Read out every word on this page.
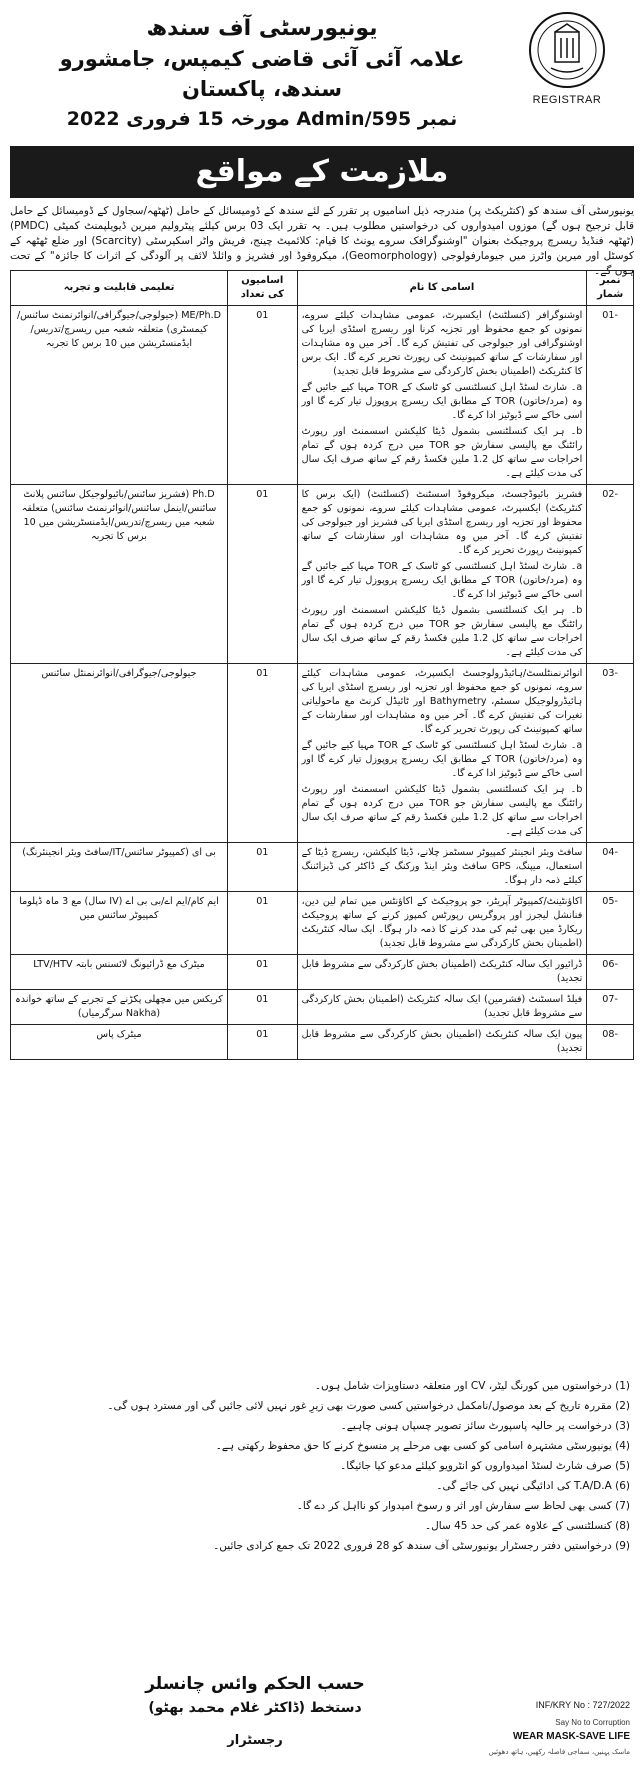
یونیورسٹی آف سندھ
علامہ آئی آئی قاضی کیمپس، جامشورو سندھ، پاکستان
نمبر Admin/595 مورخہ 15 فروری 2022
REGISTRAR
ملازمت کے مواقع
یونیورسٹی آف سندھ کو (کنٹریکٹ پر) مندرجہ ذیل اسامیوں پر تقرر کے لئے سندھ کے ڈومیسائل کے حامل (ٹھٹھہ/سجاول کے ڈومیسائل کے حامل قابل ترجیح ہوں گے) موزوں امیدواروں کی درخواستیں مطلوب ہیں۔ یہ تقرر ایک 03 برس کیلئے پیٹرولیم میرین ڈیویلپمنٹ کمیٹی (PMDC) (ٹھٹھہ فنڈیڈ ریسرچ پروجیکٹ بعنوان "اوشنوگرافک سروے یونٹ کا قیام: کلائمیٹ چینج، فریش واٹر اسکیرسٹی (Scarcity) اور ضلع ٹھٹھہ کے کوسٹل اور میرین واٹرز میں جیومارفولوجی (Geomorphology)، میکروفوڈ اور فشریز و وائلڈ لائف پر آلودگی کے اثرات کا جائزہ" کے تحت ہوں گے۔
نمبر شمار	اسامی کا نام	اسامیوں کی تعداد	تعلیمی قابلیت و تجربہ
-01	اوشنوگرافر (کنسلٹنٹ) ایکسپرٹ، عمومی مشاہدات کیلئے سروے، نمونوں کو جمع محفوظ اور تجزیہ کرنا اور ریسرچ اسٹڈی ایریا کی اوشنوگرافی اور جیولوجی کی تفتیش کرے گا۔ آخر میں وہ مشاہدات اور سفارشات کے ساتھ کمپونینٹ کی رپورٹ تحریر کرے گا۔ ایک برس کا کنٹریکٹ (اطمینان بخش کارکردگی سے مشروط قابل تجدید)
a۔ شارٹ لسٹڈ اہل کنسلٹنسی کو ٹاسک کے TOR مہیا کیے جائیں گے وہ (مرد/خاتون) TOR کے مطابق ایک ریسرچ پروپوزل تیار کرے گا اور اسی خاکے سے ڈیوٹیز ادا کرے گا۔
b۔ ہر ایک کنسلٹنسی بشمول ڈیٹا کلیکشن اسسمنٹ اور رپورٹ رائٹنگ مع پالیسی سفارش جو TOR میں درج کردہ ہوں گے تمام اخراجات سے ساتھ کل 1.2 ملین فکسڈ رقم کے ساتھ صرف ایک سال کی مدت کیلئے ہے۔	01	ME/Ph.D (جیولوجی/جیوگرافی/انوائرنمنٹ سائنس/کیمسٹری) متعلقہ شعبہ میں ریسرچ/تدریس/ایڈمنسٹریشن میں 10 برس کا تجربہ
-02	فشریز بائیوڈجسٹ، میکروفوڈ اسسٹنٹ (کنسلٹنٹ) (ایک برس کا کنٹریکٹ) ایکسپرٹ، عمومی مشاہدات کیلئے سروے، نمونوں کو جمع محفوظ اور تجزیہ اور ریسرچ اسٹڈی ایریا کی فشریز اور جیولوجی کی تفتیش کرے گا۔ آخر میں وہ مشاہدات اور سفارشات کے ساتھ کمپونینٹ رپورٹ تحریر کرے گا۔
a۔ شارٹ لسٹڈ اہل کنسلٹنسی کو ٹاسک کے TOR مہیا کیے جائیں گے وہ (مرد/خاتون) TOR کے مطابق ایک ریسرچ پروپوزل تیار کرے گا اور اسی خاکے سے ڈیوٹیز ادا کرے گا۔
b۔ ہر ایک کنسلٹنسی بشمول ڈیٹا کلیکشن اسسمنٹ اور رپورٹ رائٹنگ مع پالیسی سفارش جو TOR میں درج کردہ ہوں گے تمام اخراجات سے ساتھ کل 1.2 ملین فکسڈ رقم کے ساتھ صرف ایک سال کی مدت کیلئے ہے۔	01	Ph.D (فشریز سائنس/بائیولوجیکل سائنس پلانٹ سائنس/اینمل سائنس/انوائرنمنٹ سائنس) متعلقہ شعبہ میں ریسرچ/تدریس/ایڈمنسٹریشن میں 10 برس کا تجربہ
-03	انوائرنمنٹلسٹ/ہائیڈرولوجسٹ ایکسپرٹ، عمومی مشاہدات کیلئے سروے، نمونوں کو جمع محفوظ اور تجزیہ اور ریسرچ اسٹڈی ایریا کی ہائیڈرولوجیکل سسٹم، Bathymetry اور ٹائیڈل کرنٹ مع ماحولیاتی تغیرات کی تفتیش کرے گا۔ آخر میں وہ مشاہدات اور سفارشات کے ساتھ کمپونینٹ کی رپورٹ تحریر کرے گا۔
a۔ شارٹ لسٹڈ اہل کنسلٹنسی کو ٹاسک کے TOR مہیا کیے جائیں گے وہ (مرد/خاتون) TOR کے مطابق ایک ریسرچ پروپوزل تیار کرے گا اور اسی خاکے سے ڈیوٹیز ادا کرے گا۔
b۔ ہر ایک کنسلٹنسی بشمول ڈیٹا کلیکشن اسسمنٹ اور رپورٹ رائٹنگ مع پالیسی سفارش جو TOR میں درج کردہ ہوں گے تمام اخراجات سے ساتھ کل 1.2 ملین فکسڈ رقم کے ساتھ صرف ایک سال کی مدت کیلئے ہے۔	01	جیولوجی/جیوگرافی/انوائرنمنٹل سائنس
-04	سافٹ ویئر انجینئر کمپیوٹر سسٹمز چلانے، ڈیٹا کلیکشن، ریسرچ ڈیٹا کے استعمال، میپنگ، GPS سافٹ ویئر اینڈ ورکنگ کے ڈاکٹر کی ڈیزائننگ کیلئے ذمہ دار ہوگا۔	01	بی ای (کمپیوٹر سائنس/IT/سافٹ ویئر انجینئرنگ)
-05	اکاؤنٹینٹ/کمپیوٹر آپریٹر، جو پروجیکٹ کے اکاؤنٹس میں تمام لین دین، فنانشل لیجرز اور پروگریس رپورٹس کمپوز کرنے کے ساتھ پروجیکٹ ریکارڈ میں بھی ٹیم کی مدد کرنے کا ذمہ دار ہوگا۔ ایک سالہ کنٹریکٹ (اطمینان بخش کارکردگی سے مشروط قابل تجدید)	01	ایم کام/ایم اے/بی بی اے (IV سال) مع 3 ماہ ڈپلوما کمپیوٹر سائنس میں
-06	ڈرائیور ایک سالہ کنٹریکٹ (اطمینان بخش کارکردگی سے مشروط قابل تجدید)	01	میٹرک مع ڈرائیونگ لائسنس بابتہ LTV/HTV
-07	فیلڈ اسسٹنٹ (فشرمین) ایک سالہ کنٹریکٹ (اطمینان بخش کارکردگی سے مشروط قابل تجدید)	01	کریکس میں مچھلی پکڑنے کے تجربے کے ساتھ خواندہ (Nakha سرگرمیاں)
-08	پیون ایک سالہ کنٹریکٹ (اطمینان بخش کارکردگی سے مشروط قابل تجدید)	01	میٹرک پاس
(1) درخواستوں میں کورنگ لیٹر، CV اور متعلقہ دستاویزات شامل ہوں۔
(2) مقررہ تاریخ کے بعد موصول/نامکمل درخواستیں کسی صورت بھی زیرِ غور نہیں لائی جائیں گی اور مسترد ہوں گی۔
(3) درخواست پر حالیہ پاسپورٹ سائز تصویر چسپاں ہونی چاہیے۔
(4) یونیورسٹی مشتہرہ اسامی کو کسی بھی مرحلے پر منسوخ کرنے کا حق محفوظ رکھتی ہے۔
(5) صرف شارٹ لسٹڈ امیدواروں کو انٹرویو کیلئے مدعو کیا جائیگا۔
(6) T.A/D.A کی ادائیگی نہیں کی جائے گی۔
(7) کسی بھی لحاظ سے سفارش اور اثر و رسوخ امیدوار کو نااہل کر دے گا۔
(8) کنسلٹنسی کے علاوہ عمر کی حد 45 سال۔
(9) درخواستیں دفتر رجسٹرار یونیورسٹی آف سندھ کو 28 فروری 2022 تک جمع کرادی جائیں۔
حسب الحکم وائس چانسلر
دستخط (ڈاکٹر غلام محمد بھٹو)
رجسٹرار
INF/KRY No : 727/2022
Say No to Corruption
WEAR MASK-SAVE LIFE
ماسک پہنیں، سماجی فاصلہ رکھیں، ہاتھ دھوئیں
